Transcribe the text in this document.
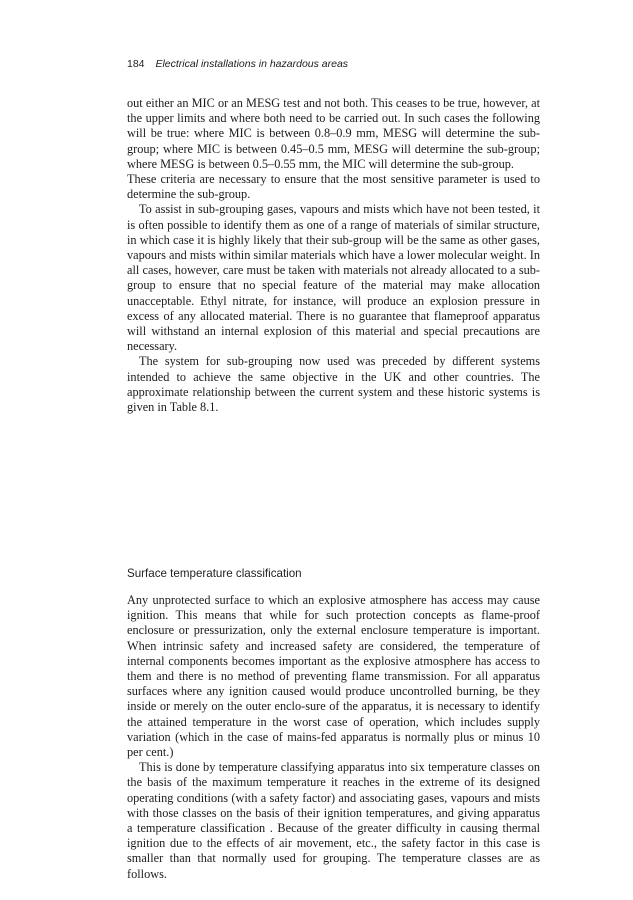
184 Electrical installations in hazardous areas

out either an MIC or an MESG test and not both. This ceases to be true, however, at the upper limits and where both need to be carried out. In such cases the following will be true: where MIC is between 0.8–0.9 mm, MESG will determine the sub-group; where MIC is between 0.45–0.5 mm, MESG will determine the sub-group; where MESG is between 0.5–0.55 mm, the MIC will determine the sub-group.

These criteria are necessary to ensure that the most sensitive parameter is used to determine the sub-group.

To assist in sub-grouping gases, vapours and mists which have not been tested, it is often possible to identify them as one of a range of materials of similar structure, in which case it is highly likely that their sub-group will be the same as other gases, vapours and mists within similar materials which have a lower molecular weight. In all cases, however, care must be taken with materials not already allocated to a sub-group to ensure that no special feature of the material may make allocation unacceptable. Ethyl nitrate, for instance, will produce an explosion pressure in excess of any allocated material. There is no guarantee that flameproof apparatus will withstand an internal explosion of this material and special precautions are necessary.

The system for sub-grouping now used was preceded by different systems intended to achieve the same objective in the UK and other countries. The approximate relationship between the current system and these historic systems is given in Table 8.1.

Surface temperature classification

Any unprotected surface to which an explosive atmosphere has access may cause ignition. This means that while for such protection concepts as flame-proof enclosure or pressurization, only the external enclosure temperature is important. When intrinsic safety and increased safety are considered, the temperature of internal components becomes important as the explosive atmosphere has access to them and there is no method of preventing flame transmission. For all apparatus surfaces where any ignition caused would produce uncontrolled burning, be they inside or merely on the outer enclo-sure of the apparatus, it is necessary to identify the attained temperature in the worst case of operation, which includes supply variation (which in the case of mains-fed apparatus is normally plus or minus 10 per cent.)

This is done by temperature classifying apparatus into six temperature classes on the basis of the maximum temperature it reaches in the extreme of its designed operating conditions (with a safety factor) and associating gases, vapours and mists with those classes on the basis of their ignition temperatures, and giving apparatus a temperature classification . Because of the greater difficulty in causing thermal ignition due to the effects of air movement, etc., the safety factor in this case is smaller than that normally used for grouping. The temperature classes are as follows.
